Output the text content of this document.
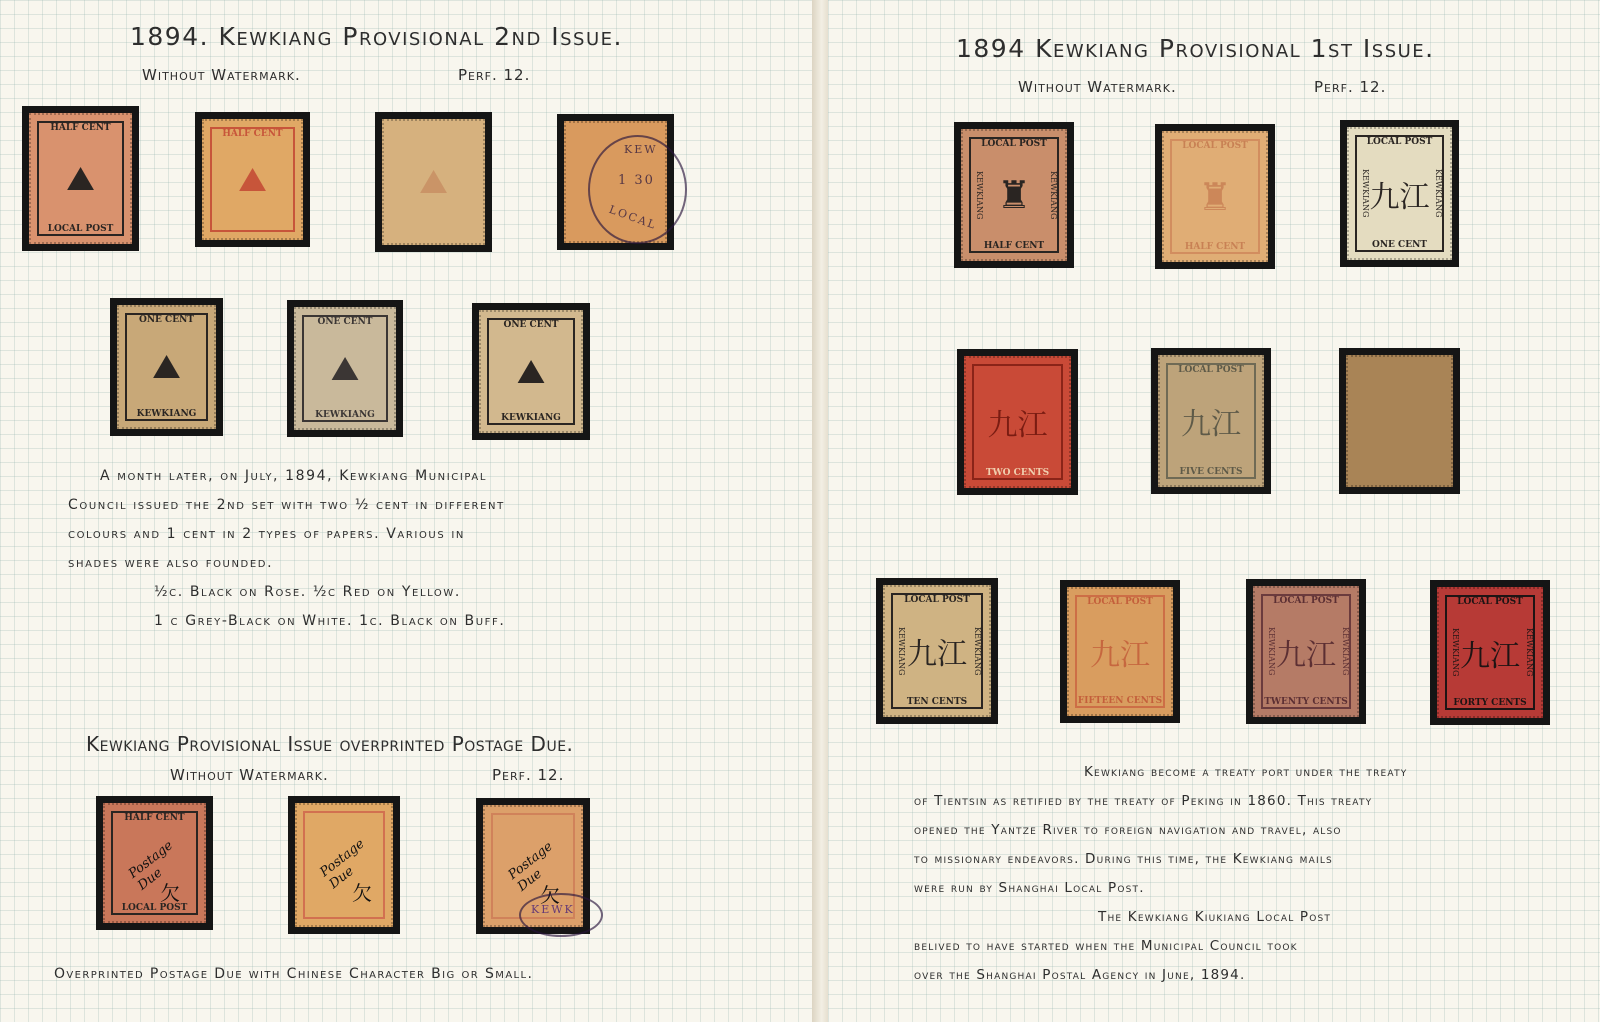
1894. Kewkiang Provisional 2nd Issue.
Without Watermark.	Perf. 12.
HALF CENT
⛰
LOCAL POST
HALF CENT
⛰	⛰
KEW
1 30
LOCAL
ONE CENT
⛰
KEWKIANG
ONE CENT
⛰
KEWKIANG
ONE CENT
⛰
KEWKIANG
A month later, on July, 1894, Kewkiang Municipal
Council issued the 2nd set with two ½ cent in different
colours and 1 cent in 2 types of papers. Various in
shades were also founded.
½c. Black on Rose. ½c Red on Yellow.
1 c Grey-Black on White. 1c. Black on Buff.
Kewkiang Provisional Issue overprinted Postage Due.
Without Watermark.	Perf. 12.
HALF CENT
Postage Due
欠
LOCAL POST
Postage Due
欠
Postage Due
欠
KEWK
Overprinted Postage Due with Chinese Character Big or Small.
1894 Kewkiang Provisional 1st Issue.
Without Watermark.	Perf. 12.
LOCAL POST
KEWKIANG	KEWKIANG
♜
HALF CENT
LOCAL POST
♜
HALF CENT
LOCAL POST
KEWKIANG	KEWKIANG
九江
ONE CENT
九江
TWO CENTS
LOCAL POST
九江
FIVE CENTS
LOCAL POST
KEWKIANG	KEWKIANG
九江
TEN CENTS
LOCAL POST
九江
FIFTEEN CENTS
LOCAL POST
KEWKIANG	KEWKIANG
九江
TWENTY CENTS
LOCAL POST
KEWKIANG	KEWKIANG
九江
FORTY CENTS
Kewkiang become a treaty port under the treaty
of Tientsin as retified by the treaty of Peking in 1860. This treaty
opened the Yantze River to foreign navigation and travel, also
to missionary endeavors. During this time, the Kewkiang mails
were run by Shanghai Local Post.
The Kewkiang Kiukiang Local Post
belived to have started when the Municipal Council took
over the Shanghai Postal Agency in June, 1894.
